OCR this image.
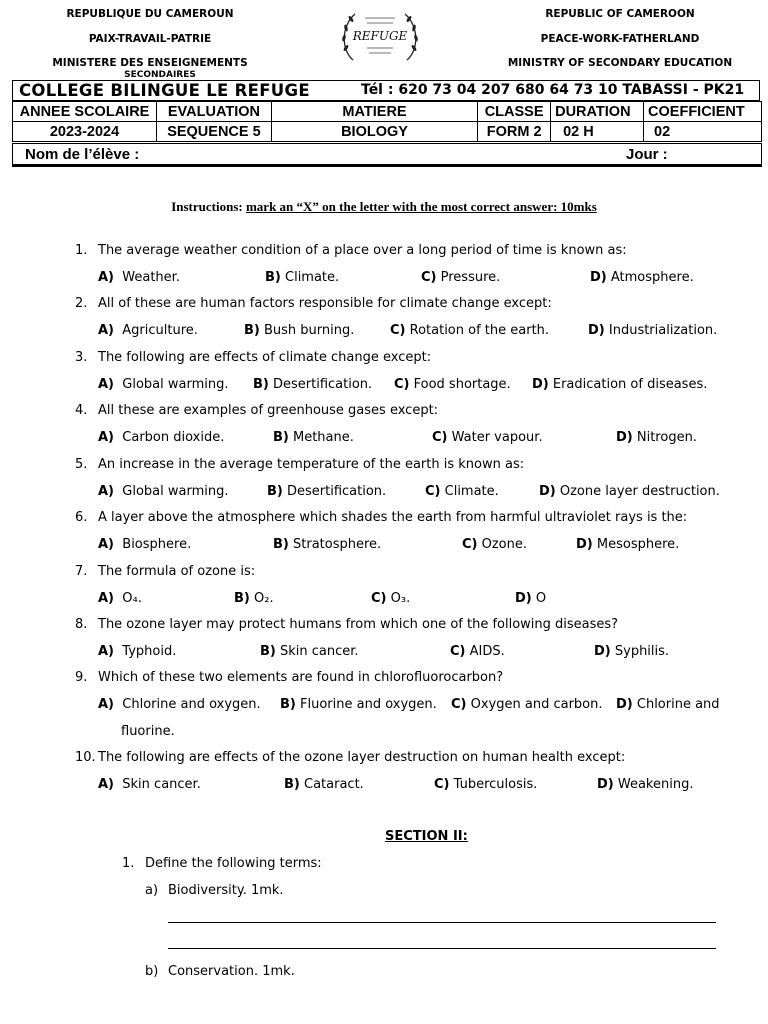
REPUBLIQUE DU CAMEROUN
PAIX-TRAVAIL-PATRIE
MINISTERE DES ENSEIGNEMENTS
SECONDAIRES
REPUBLIC OF CAMEROON
PEACE-WORK-FATHERLAND
MINISTRY OF SECONDARY EDUCATION
REFUGE
COLLEGE BILINGUE LE REFUGE	Tél : 620 73 04 207 680 64 73 10 TABASSI - PK21
ANNEE SCOLAIRE	EVALUATION	MATIERE	CLASSE	DURATION	COEFFICIENT
2023-2024	SEQUENCE 5	BIOLOGY	FORM 2	02 H	02
Nom de l’élève :	Jour :
Instructions: mark an “X” on the letter with the most correct answer: 10mks
1. The average weather condition of a place over a long period of time is known as:
A) Weather.	B) Climate.	C) Pressure.	D) Atmosphere.
2. All of these are human factors responsible for climate change except:
A) Agriculture.	B) Bush burning.	C) Rotation of the earth.	D) Industrialization.
3. The following are effects of climate change except:
A) Global warming. B) Desertification. C) Food shortage. D) Eradication of diseases.
4. All these are examples of greenhouse gases except:
A) Carbon dioxide.	B) Methane.	C) Water vapour.	D) Nitrogen.
5. An increase in the average temperature of the earth is known as:
A) Global warming.	B) Desertification.	C) Climate.	D) Ozone layer destruction.
6. A layer above the atmosphere which shades the earth from harmful ultraviolet rays is the:
A) Biosphere.	B) Stratosphere.	C) Ozone.	D) Mesosphere.
7. The formula of ozone is:
A) O₄.	B) O₂.	C) O₃.	D) O
8. The ozone layer may protect humans from which one of the following diseases?
A) Typhoid.	B) Skin cancer.	C) AIDS.	D) Syphilis.
9. Which of these two elements are found in chlorofluorocarbon?
A) Chlorine and oxygen. B) Fluorine and oxygen. C) Oxygen and carbon. D) Chlorine and
fluorine.
10. The following are effects of the ozone layer destruction on human health except:
A) Skin cancer.	B) Cataract.	C) Tuberculosis.	D) Weakening.
SECTION II:
1. Define the following terms:
a) Biodiversity. 1mk.
b) Conservation. 1mk.
